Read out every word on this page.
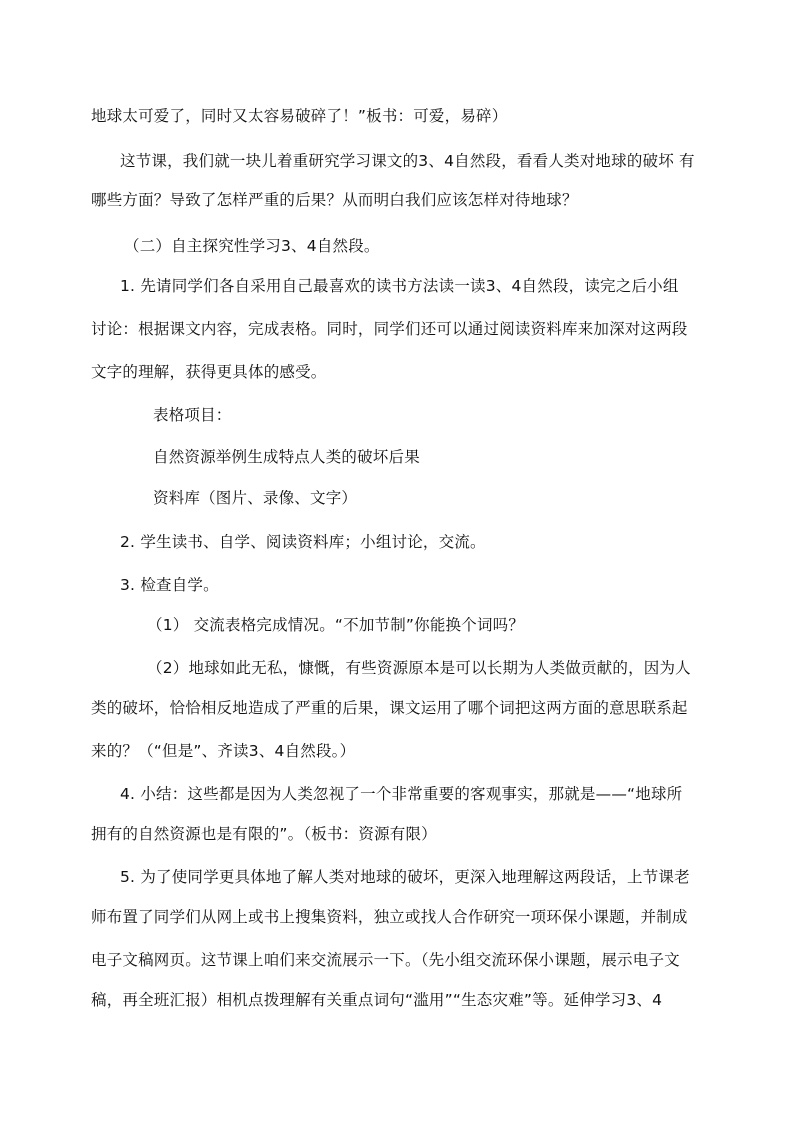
地球太可爱了，同时又太容易破碎了！”板书：可爱，易碎）
这节课，我们就一块儿着重研究学习课文的3、4自然段，看看人类对地球的破坏 有
哪些方面？导致了怎样严重的后果？从而明白我们应该怎样对待地球？
（二）自主探究性学习3、4自然段。
1. 先请同学们各自采用自己最喜欢的读书方法读一读3、4自然段，读完之后小组
讨论：根据课文内容，完成表格。同时，同学们还可以通过阅读资料库来加深对这两段
文字的理解，获得更具体的感受。
表格项目：
自然资源举例生成特点人类的破坏后果
资料库（图片、录像、文字）
2. 学生读书、自学、阅读资料库；小组讨论，交流。
3. 检查自学。
（1） 交流表格完成情况。“不加节制”你能换个词吗？
（2）地球如此无私，慷慨，有些资源原本是可以长期为人类做贡献的，因为人
类的破坏，恰恰相反地造成了严重的后果，课文运用了哪个词把这两方面的意思联系起
来的？（“但是”、齐读3、4自然段。）
4. 小结：这些都是因为人类忽视了一个非常重要的客观事实，那就是——“地球所
拥有的自然资源也是有限的”。（板书：资源有限）
5. 为了使同学更具体地了解人类对地球的破坏，更深入地理解这两段话，上节课老
师布置了同学们从网上或书上搜集资料，独立或找人合作研究一项环保小课题，并制成
电子文稿网页。这节课上咱们来交流展示一下。（先小组交流环保小课题，展示电子文
稿，再全班汇报）相机点拨理解有关重点词句“滥用”“生态灾难”等。延伸学习3、4
